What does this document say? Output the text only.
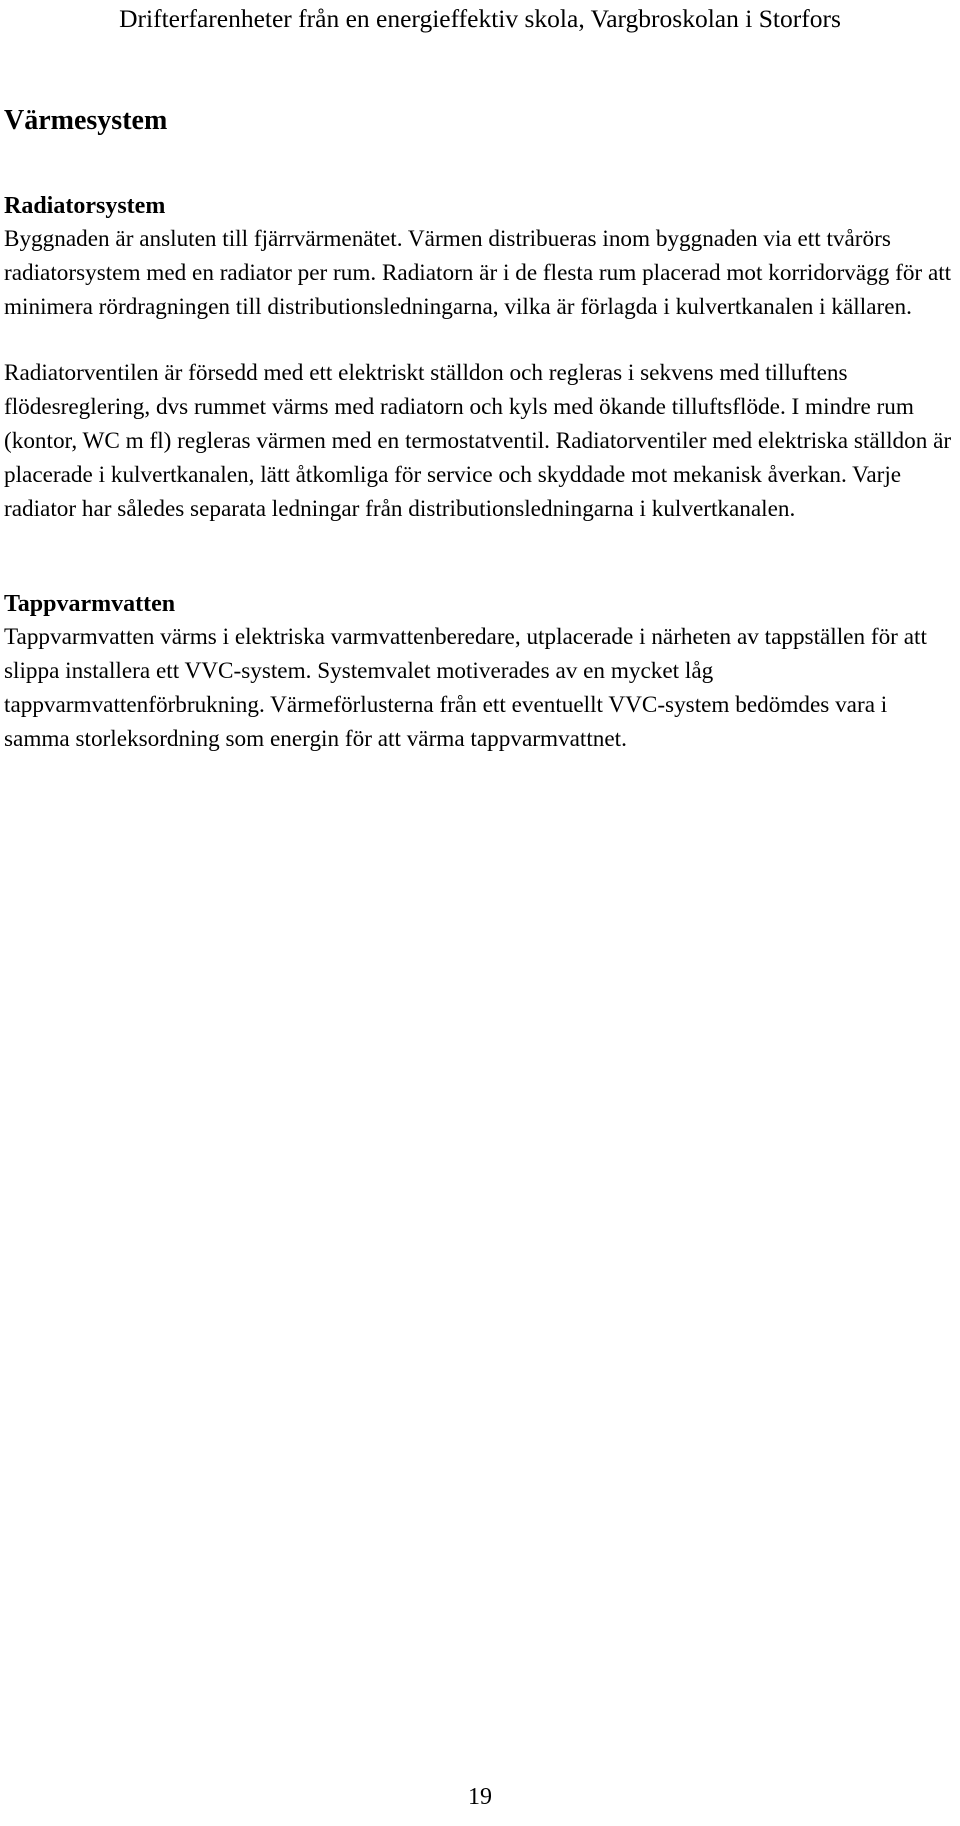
Drifterfarenheter från en energieffektiv skola, Vargbroskolan i Storfors
Värmesystem
Radiatorsystem

Byggnaden är ansluten till fjärrvärmenätet. Värmen distribueras inom byggnaden via ett tvårörs radiatorsystem med en radiator per rum. Radiatorn är i de flesta rum placerad mot korridorvägg för att minimera rördragningen till distributionsledningarna, vilka är förlagda i kulvertkanalen i källaren.

Radiatorventilen är försedd med ett elektriskt ställdon och regleras i sekvens med tilluftens flödesreglering, dvs rummet värms med radiatorn och kyls med ökande tilluftsflöde. I mindre rum (kontor, WC m fl) regleras värmen med en termostatventil. Radiatorventiler med elektriska ställdon är placerade i kulvertkanalen, lätt åtkomliga för service och skyddade mot mekanisk åverkan. Varje radiator har således separata ledningar från distributionsledningarna i kulvertkanalen.

Tappvarmvatten

Tappvarmvatten värms i elektriska varmvattenberedare, utplacerade i närheten av tappställen för att slippa installera ett VVC-system. Systemvalet motiverades av en mycket låg tappvarmvattenförbrukning. Värmeförlusterna från ett eventuellt VVC-system bedömdes vara i samma storleksordning som energin för att värma tappvarmvattnet.

19
